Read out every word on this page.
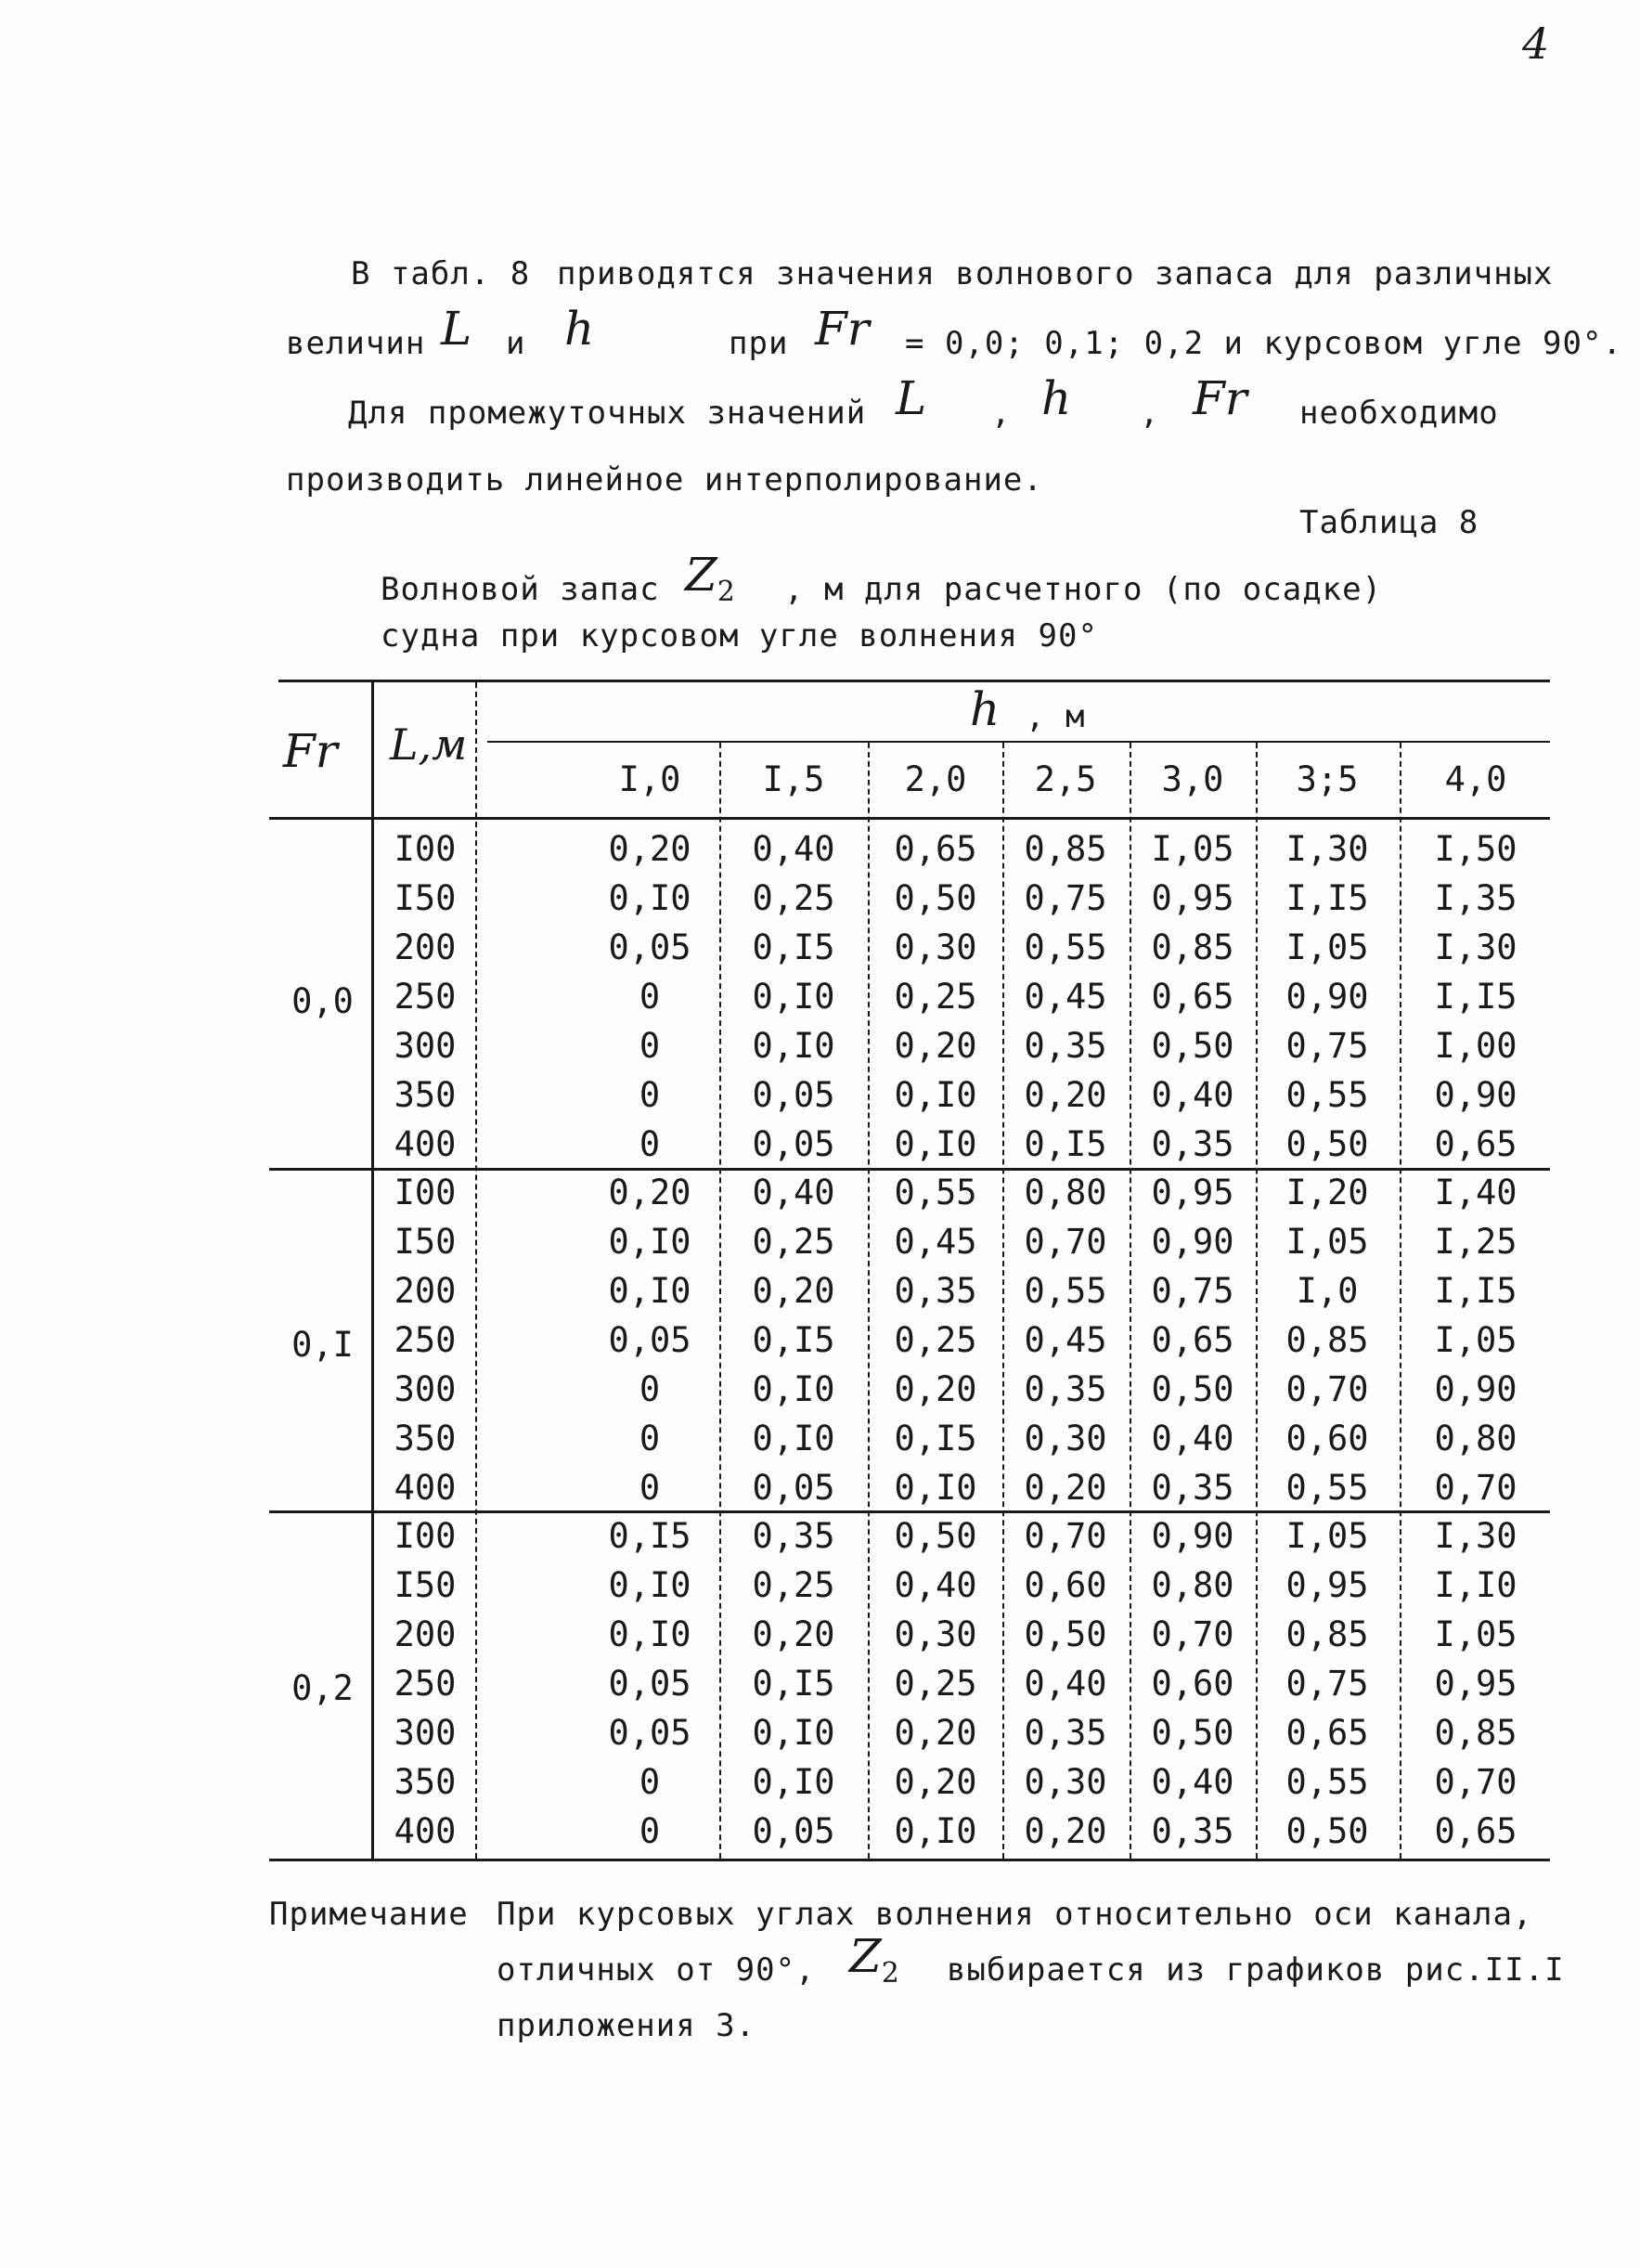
4
В табл. 8 приводятся значения волнового запаса для различных
величин L и h	при Fr = 0,0; 0,1; 0,2 и курсовом угле 90°.
Для промежуточных значений L , h , Fr необходимо
производить линейное интерполирование.
Таблица 8
Волновой запас $Z_2$ , м для расчетного (по осадке)
судна при курсовом угле волнения 90°
Fr L,м
h , м
I,0	I,5	2,0	2,5	3,0	3;5	4,0
0,0
I00	0,20	0,40	0,65	0,85	I,05	I,30	I,50
I50	0,I0	0,25	0,50	0,75	0,95	I,I5	I,35
200	0,05	0,I5	0,30	0,55	0,85	I,05	I,30
250	0	0,I0	0,25	0,45	0,65	0,90	I,I5
300	0	0,I0	0,20	0,35	0,50	0,75	I,00
350	0	0,05	0,I0	0,20	0,40	0,55	0,90
400	0	0,05	0,I0	0,I5	0,35	0,50	0,65
0,I
I00	0,20	0,40	0,55	0,80	0,95	I,20	I,40
I50	0,I0	0,25	0,45	0,70	0,90	I,05	I,25
200	0,I0	0,20	0,35	0,55	0,75	I,0	I,I5
250	0,05	0,I5	0,25	0,45	0,65	0,85	I,05
300	0	0,I0	0,20	0,35	0,50	0,70	0,90
350	0	0,I0	0,I5	0,30	0,40	0,60	0,80
400	0	0,05	0,I0	0,20	0,35	0,55	0,70
0,2
I00	0,I5	0,35	0,50	0,70	0,90	I,05	I,30
I50	0,I0	0,25	0,40	0,60	0,80	0,95	I,I0
200	0,I0	0,20	0,30	0,50	0,70	0,85	I,05
250	0,05	0,I5	0,25	0,40	0,60	0,75	0,95
300	0,05	0,I0	0,20	0,35	0,50	0,65	0,85
350	0	0,I0	0,20	0,30	0,40	0,55	0,70
400	0	0,05	0,I0	0,20	0,35	0,50	0,65
Примечание При курсовых углах волнения относительно оси канала,
отличных от 90°, $Z_2$ выбирается из графиков рис.II.I
приложения 3.
